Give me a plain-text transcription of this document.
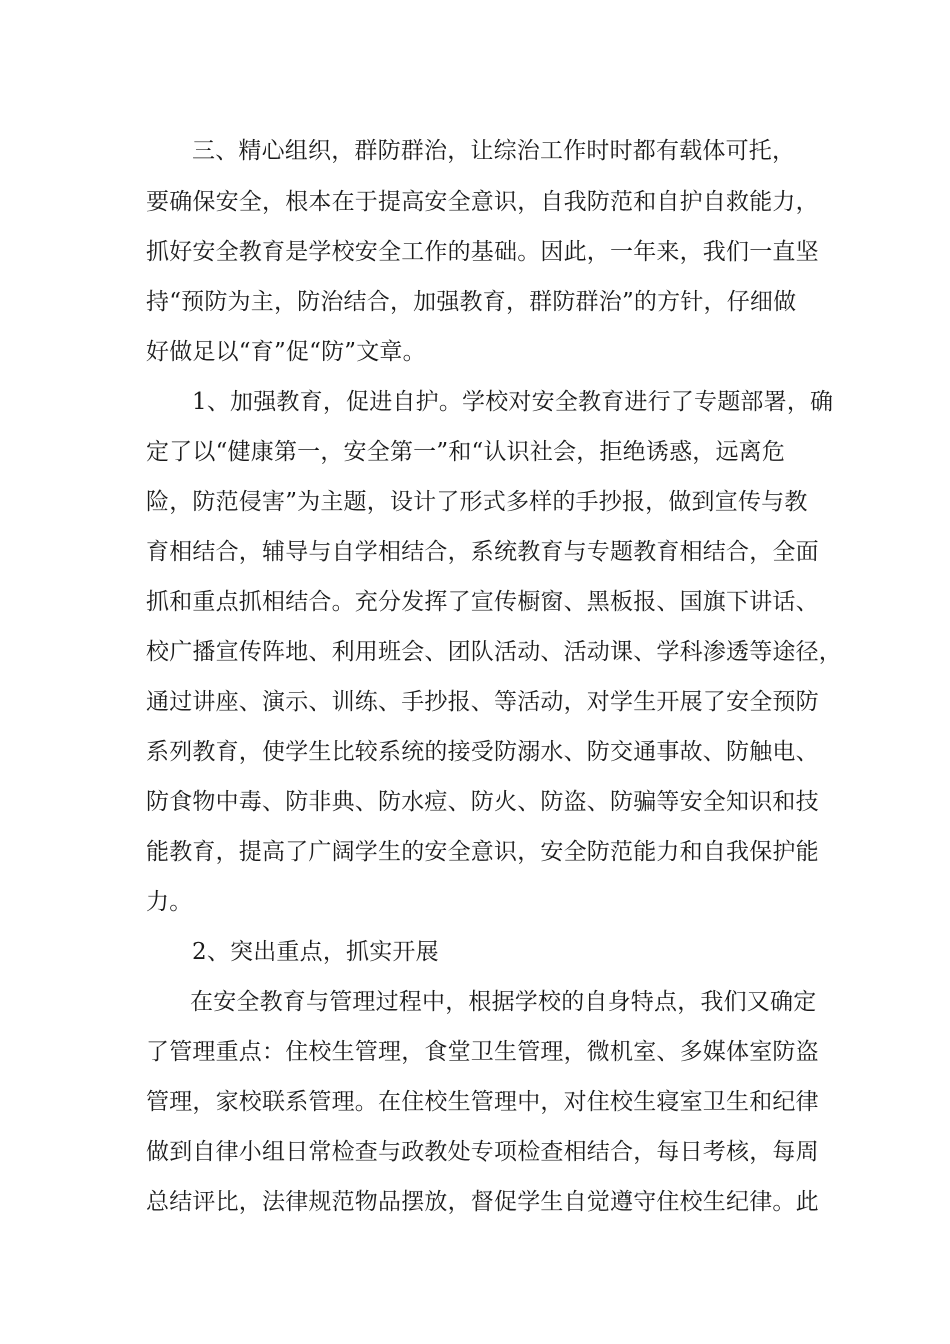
三、精心组织，群防群治，让综治工作时时都有载体可托，
要确保安全，根本在于提高安全意识，自我防范和自护自救能力，
抓好安全教育是学校安全工作的基础。因此，一年来，我们一直坚
持“预防为主，防治结合，加强教育，群防群治”的方针，仔细做
好做足以“育”促“防”文章。
1、加强教育，促进自护。学校对安全教育进行了专题部署，确
定了以“健康第一，安全第一”和“认识社会，拒绝诱惑，远离危
险，防范侵害”为主题，设计了形式多样的手抄报，做到宣传与教
育相结合，辅导与自学相结合，系统教育与专题教育相结合，全面
抓和重点抓相结合。充分发挥了宣传橱窗、黑板报、国旗下讲话、
校广播宣传阵地、利用班会、团队活动、活动课、学科渗透等途径，
通过讲座、演示、训练、手抄报、等活动，对学生开展了安全预防
系列教育，使学生比较系统的接受防溺水、防交通事故、防触电、
防食物中毒、防非典、防水痘、防火、防盗、防骗等安全知识和技
能教育，提高了广阔学生的安全意识，安全防范能力和自我保护能
力。
2、突出重点，抓实开展
在安全教育与管理过程中，根据学校的自身特点，我们又确定
了管理重点：住校生管理，食堂卫生管理，微机室、多媒体室防盗
管理，家校联系管理。在住校生管理中，对住校生寝室卫生和纪律
做到自律小组日常检查与政教处专项检查相结合，每日考核，每周
总结评比，法律规范物品摆放，督促学生自觉遵守住校生纪律。此
